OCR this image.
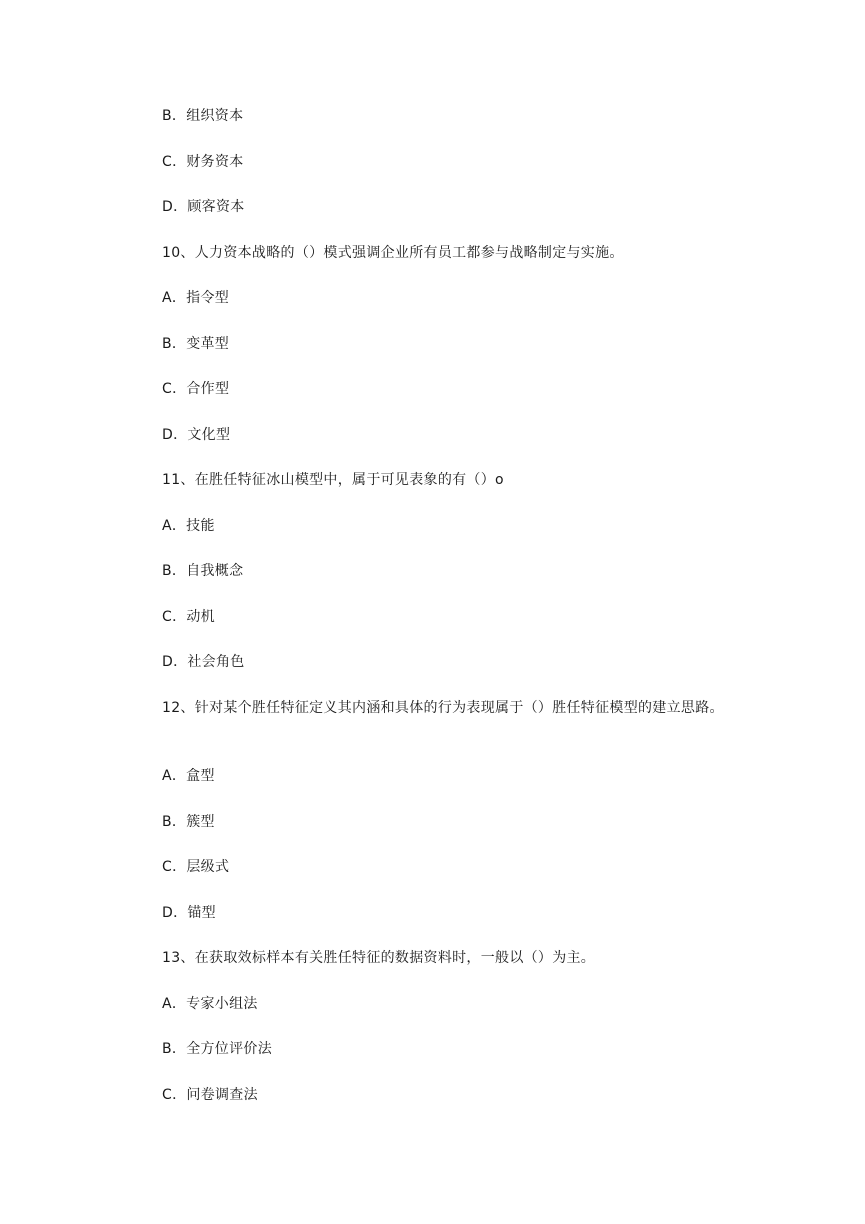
B．组织资本
C．财务资本
D．顾客资本
10、人力资本战略的（）模式强调企业所有员工都参与战略制定与实施。
A．指令型
B．变革型
C．合作型
D．文化型
11、在胜任特征冰山模型中，属于可见表象的有（）o
A．技能
B．自我概念
C．动机
D．社会角色
12、针对某个胜任特征定义其内涵和具体的行为表现属于（）胜任特征模型的建立思路。
A．盒型
B．簇型
C．层级式
D．锚型
13、在获取效标样本有关胜任特征的数据资料时，一般以（）为主。
A．专家小组法
B．全方位评价法
C．问卷调查法
